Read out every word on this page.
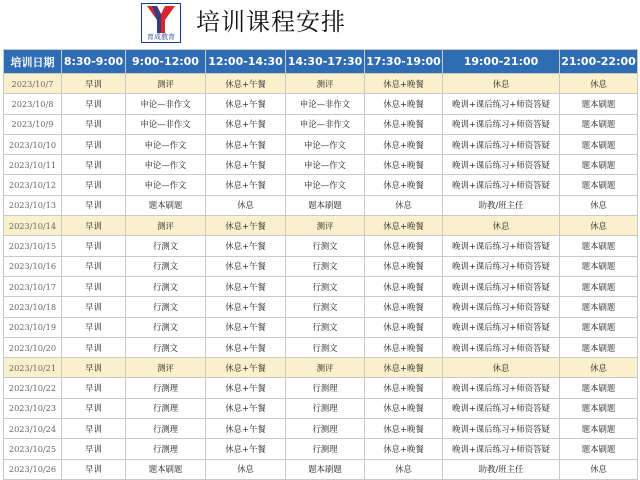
育成教育
培训课程安排
培训日期	8:30-9:00	9:00-12:00	12:00-14:30	14:30-17:30	17:30-19:00	19:00-21:00	21:00-22:00
2023/10/7	早训	测评	休息+午餐	测评	休息+晚餐	休息	休息
2023/10/8	早训	申论—非作文	休息+午餐	申论—非作文	休息+晚餐	晚训+课后练习+师资答疑	题本刷题
2023/10/9	早训	申论—非作文	休息+午餐	申论—非作文	休息+晚餐	晚训+课后练习+师资答疑	题本刷题
2023/10/10	早训	申论—作文	休息+午餐	申论—作文	休息+晚餐	晚训+课后练习+师资答疑	题本刷题
2023/10/11	早训	申论—作文	休息+午餐	申论—作文	休息+晚餐	晚训+课后练习+师资答疑	题本刷题
2023/10/12	早训	申论—作文	休息+午餐	申论—作文	休息+晚餐	晚训+课后练习+师资答疑	题本刷题
2023/10/13	早训	题本刷题	休息	题本刷题	休息	助教/班主任	休息
2023/10/14	早训	测评	休息+午餐	测评	休息+晚餐	休息	休息
2023/10/15	早训	行测文	休息+午餐	行测文	休息+晚餐	晚训+课后练习+师资答疑	题本刷题
2023/10/16	早训	行测文	休息+午餐	行测文	休息+晚餐	晚训+课后练习+师资答疑	题本刷题
2023/10/17	早训	行测文	休息+午餐	行测文	休息+晚餐	晚训+课后练习+师资答疑	题本刷题
2023/10/18	早训	行测文	休息+午餐	行测文	休息+晚餐	晚训+课后练习+师资答疑	题本刷题
2023/10/19	早训	行测文	休息+午餐	行测文	休息+晚餐	晚训+课后练习+师资答疑	题本刷题
2023/10/20	早训	行测文	休息+午餐	行测文	休息+晚餐	晚训+课后练习+师资答疑	题本刷题
2023/10/21	早训	测评	休息+午餐	测评	休息+晚餐	休息	休息
2023/10/22	早训	行测理	休息+午餐	行测理	休息+晚餐	晚训+课后练习+师资答疑	题本刷题
2023/10/23	早训	行测理	休息+午餐	行测理	休息+晚餐	晚训+课后练习+师资答疑	题本刷题
2023/10/24	早训	行测理	休息+午餐	行测理	休息+晚餐	晚训+课后练习+师资答疑	题本刷题
2023/10/25	早训	行测理	休息+午餐	行测理	休息+晚餐	晚训+课后练习+师资答疑	题本刷题
2023/10/26	早训	题本刷题	休息	题本刷题	休息	助教/班主任	休息
